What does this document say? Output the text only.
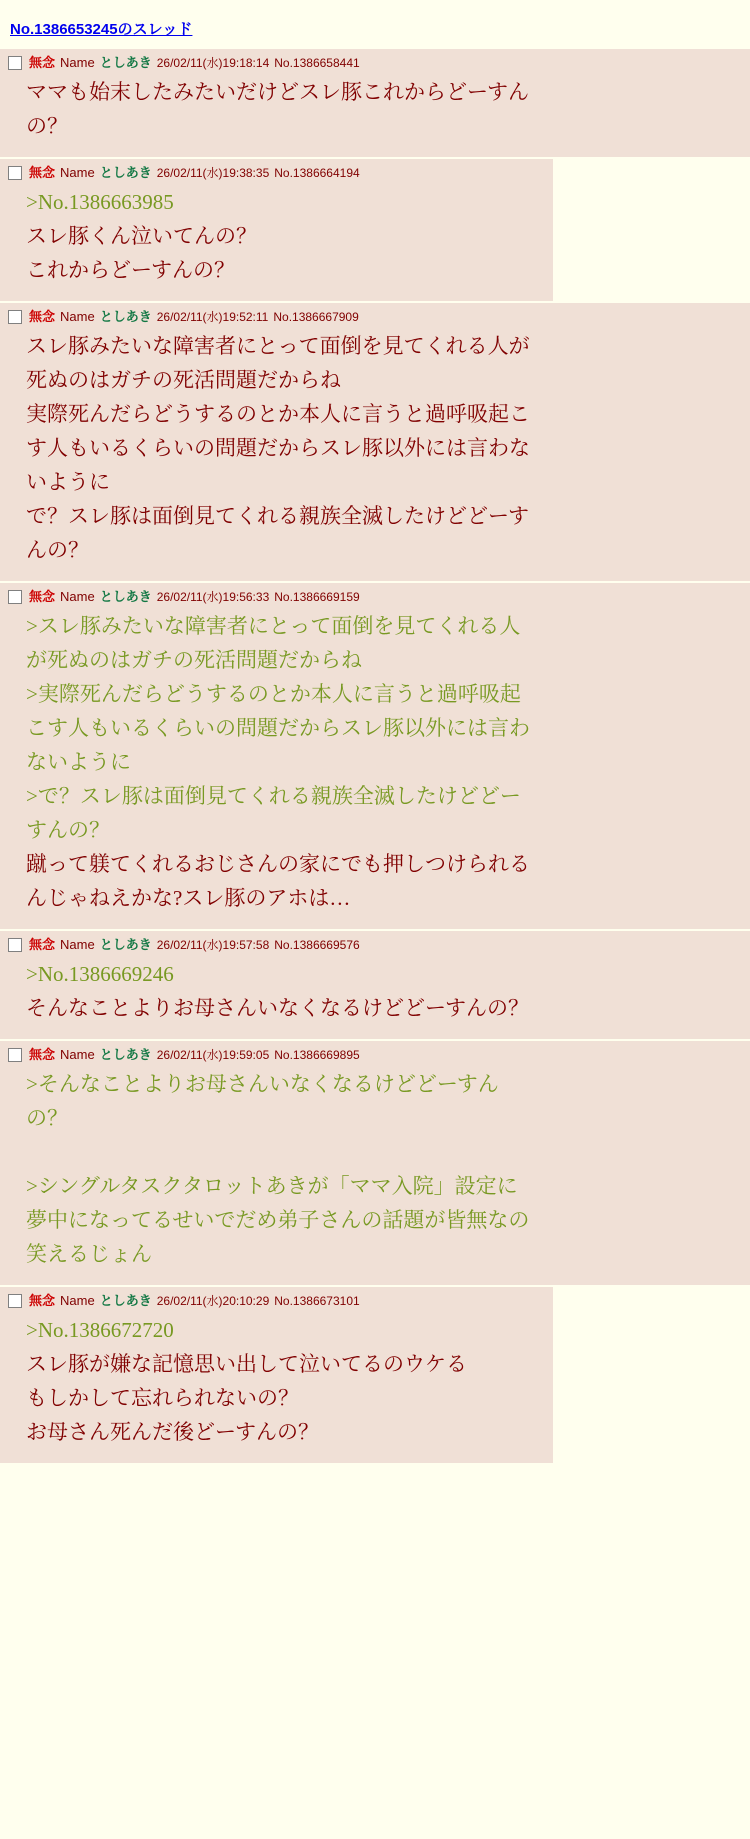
No.1386653245のスレッド
無念 Name としあき 26/02/11(水)19:18:14 No.1386658441
ママも始末したみたいだけどスレ豚これからどーすん
の？
無念 Name としあき 26/02/11(水)19:38:35 No.1386664194
>No.1386663985
スレ豚くん泣いてんの？
これからどーすんの？
無念 Name としあき 26/02/11(水)19:52:11 No.1386667909
スレ豚みたいな障害者にとって面倒を見てくれる人が
死ぬのはガチの死活問題だからね
実際死んだらどうするのとか本人に言うと過呼吸起こ
す人もいるくらいの問題だからスレ豚以外には言わな
いように
で？スレ豚は面倒見てくれる親族全滅したけどどーす
んの？
無念 Name としあき 26/02/11(水)19:56:33 No.1386669159
>スレ豚みたいな障害者にとって面倒を見てくれる人
が死ぬのはガチの死活問題だからね
>実際死んだらどうするのとか本人に言うと過呼吸起
こす人もいるくらいの問題だからスレ豚以外には言わ
ないように
>で？スレ豚は面倒見てくれる親族全滅したけどどー
すんの？
蹴って躾てくれるおじさんの家にでも押しつけられる
んじゃねえかな?スレ豚のアホは…
無念 Name としあき 26/02/11(水)19:57:58 No.1386669576
>No.1386669246
そんなことよりお母さんいなくなるけどどーすんの？
無念 Name としあき 26/02/11(水)19:59:05 No.1386669895
>そんなことよりお母さんいなくなるけどどーすん
の？
>シングルタスクタロットあきが「ママ入院」設定に
夢中になってるせいでだめ弟子さんの話題が皆無なの
笑えるじょん
無念 Name としあき 26/02/11(水)20:10:29 No.1386673101
>No.1386672720
スレ豚が嫌な記憶思い出して泣いてるのウケる
もしかして忘れられないの？
お母さん死んだ後どーすんの？
